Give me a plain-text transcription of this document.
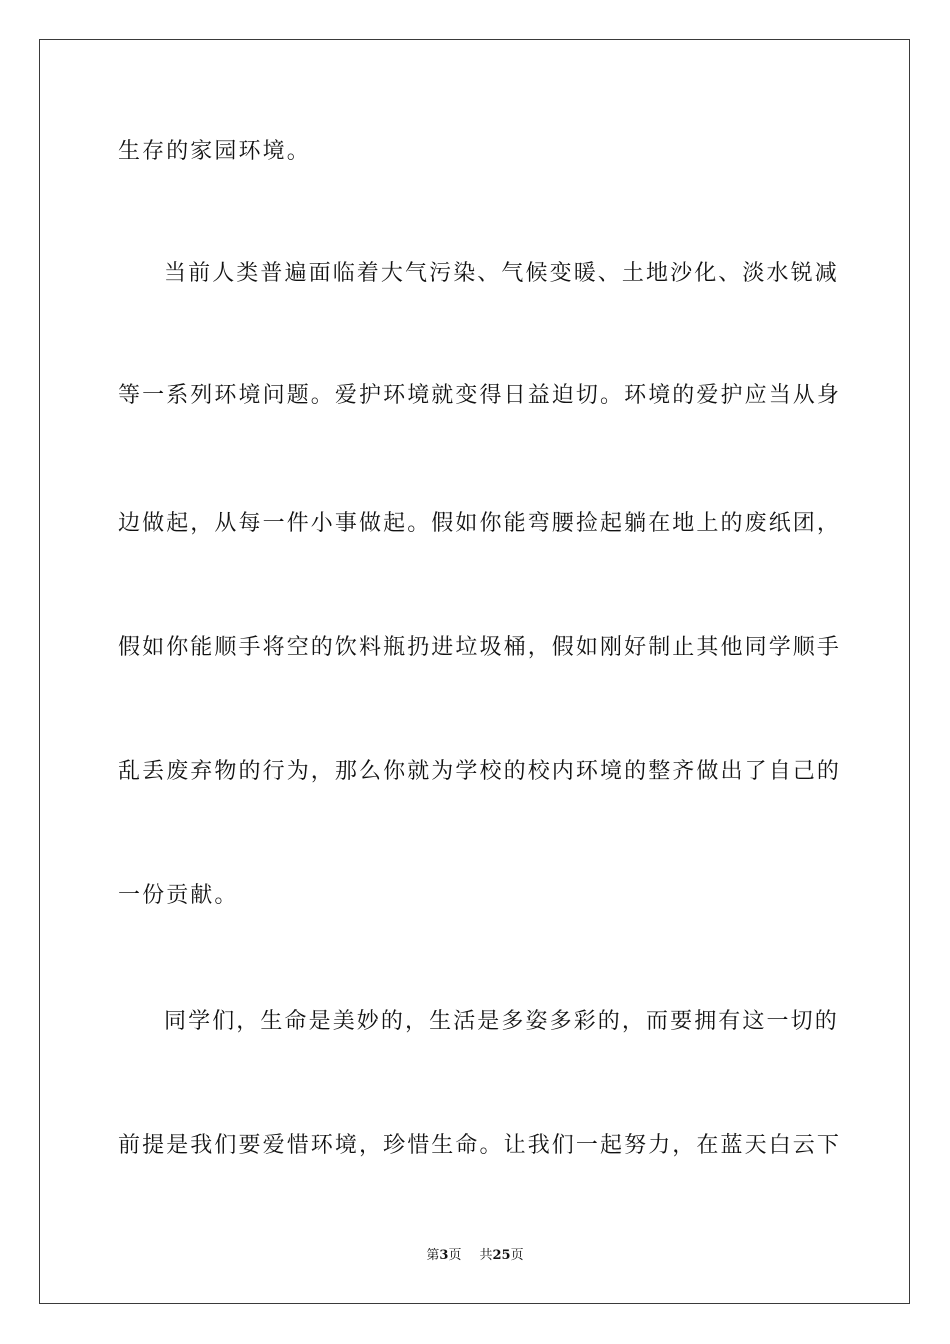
生存的家园环境。
当前人类普遍面临着大气污染、气候变暖、土地沙化、淡水锐减
等一系列环境问题。爱护环境就变得日益迫切。环境的爱护应当从身
边做起，从每一件小事做起。假如你能弯腰捡起躺在地上的废纸团，
假如你能顺手将空的饮料瓶扔进垃圾桶，假如刚好制止其他同学顺手
乱丢废弃物的行为，那么你就为学校的校内环境的整齐做出了自己的
一份贡献。
同学们，生命是美妙的，生活是多姿多彩的，而要拥有这一切的
前提是我们要爱惜环境，珍惜生命。让我们一起努力，在蓝天白云下
第3页 共25页
